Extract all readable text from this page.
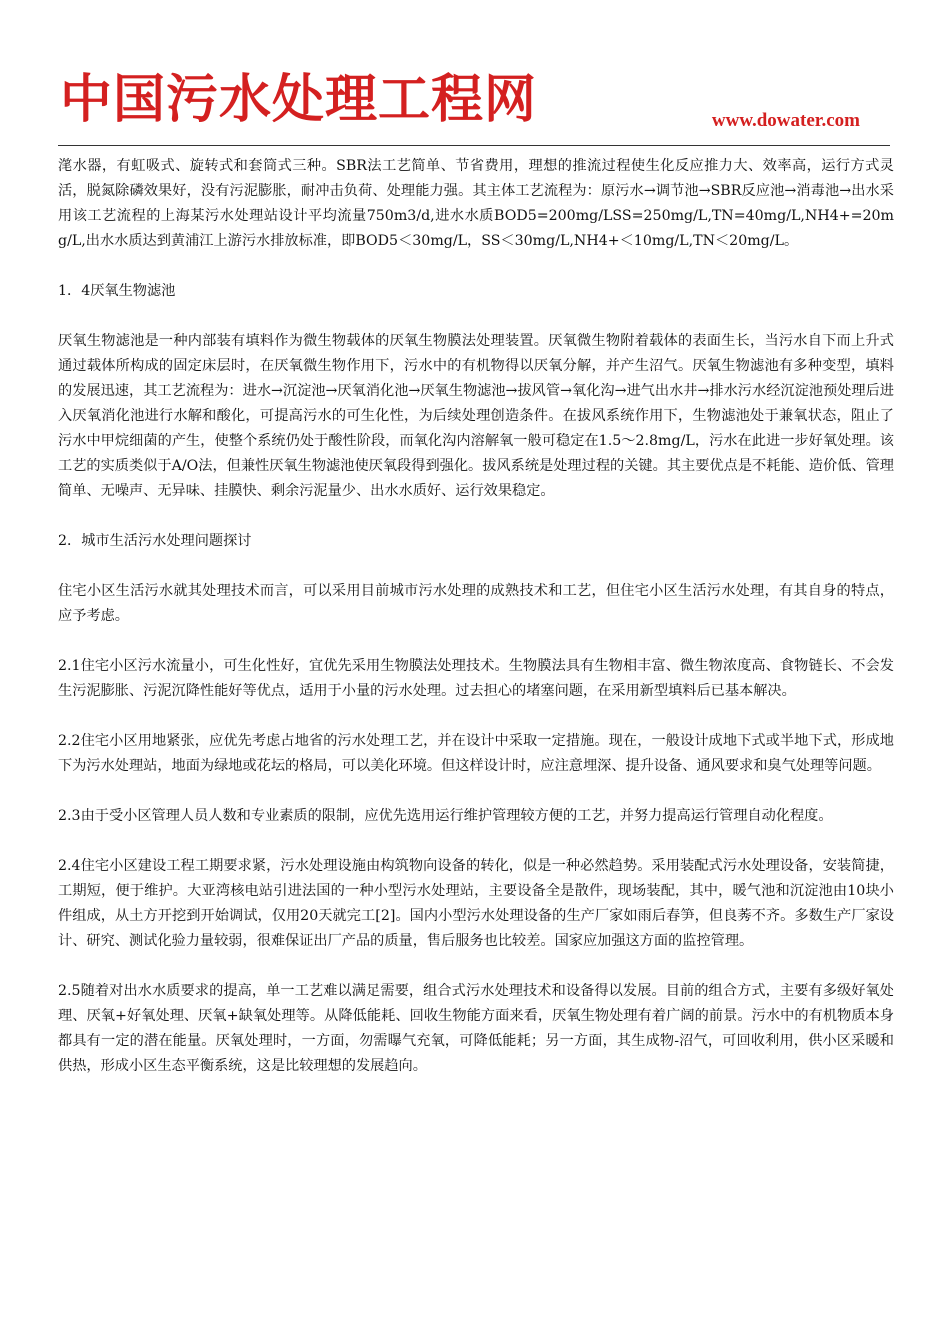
中国污水处理工程网	www.dowater.com

滗水器，有虹吸式、旋转式和套筒式三种。SBR法工艺简单、节省费用，理想的推流过程使生化反应推力大、效率高，运行方式灵活，脱氮除磷效果好，没有污泥膨胀，耐冲击负荷、处理能力强。其主体工艺流程为：原污水→调节池→SBR反应池→消毒池→出水采用该工艺流程的上海某污水处理站设计平均流量750m3/d,进水水质BOD5=200mg/LSS=250mg/L,TN=40mg/L,NH4+=20mg/L,出水水质达到黄浦江上游污水排放标准，即BOD5＜30mg/L，SS＜30mg/L,NH4+＜10mg/L,TN＜20mg/L。

1．4厌氧生物滤池

厌氧生物滤池是一种内部装有填料作为微生物载体的厌氧生物膜法处理装置。厌氧微生物附着载体的表面生长，当污水自下而上升式通过载体所构成的固定床层时，在厌氧微生物作用下，污水中的有机物得以厌氧分解，并产生沼气。厌氧生物滤池有多种变型，填料的发展迅速，其工艺流程为：进水→沉淀池→厌氧消化池→厌氧生物滤池→拔风管→氧化沟→进气出水井→排水污水经沉淀池预处理后进入厌氧消化池进行水解和酸化，可提高污水的可生化性，为后续处理创造条件。在拔风系统作用下，生物滤池处于兼氧状态，阻止了污水中甲烷细菌的产生，使整个系统仍处于酸性阶段，而氧化沟内溶解氧一般可稳定在1.5～2.8mg/L，污水在此进一步好氧处理。该工艺的实质类似于A/O法，但兼性厌氧生物滤池使厌氧段得到强化。拔风系统是处理过程的关键。其主要优点是不耗能、造价低、管理简单、无噪声、无异味、挂膜快、剩余污泥量少、出水水质好、运行效果稳定。

2．城市生活污水处理问题探讨

住宅小区生活污水就其处理技术而言，可以采用目前城市污水处理的成熟技术和工艺，但住宅小区生活污水处理，有其自身的特点，应予考虑。

2.1住宅小区污水流量小，可生化性好，宜优先采用生物膜法处理技术。生物膜法具有生物相丰富、微生物浓度高、食物链长、不会发生污泥膨胀、污泥沉降性能好等优点，适用于小量的污水处理。过去担心的堵塞问题，在采用新型填料后已基本解决。

2.2住宅小区用地紧张，应优先考虑占地省的污水处理工艺，并在设计中采取一定措施。现在，一般设计成地下式或半地下式，形成地下为污水处理站，地面为绿地或花坛的格局，可以美化环境。但这样设计时，应注意埋深、提升设备、通风要求和臭气处理等问题。

2.3由于受小区管理人员人数和专业素质的限制，应优先选用运行维护管理较方便的工艺，并努力提高运行管理自动化程度。

2.4住宅小区建设工程工期要求紧，污水处理设施由构筑物向设备的转化，似是一种必然趋势。采用装配式污水处理设备，安装简捷，工期短，便于维护。大亚湾核电站引进法国的一种小型污水处理站，主要设备全是散件，现场装配，其中，暖气池和沉淀池由10块小件组成，从土方开挖到开始调试，仅用20天就完工[2]。国内小型污水处理设备的生产厂家如雨后春笋，但良莠不齐。多数生产厂家设计、研究、测试化验力量较弱，很难保证出厂产品的质量，售后服务也比较差。国家应加强这方面的监控管理。

2.5随着对出水水质要求的提高，单一工艺难以满足需要，组合式污水处理技术和设备得以发展。目前的组合方式，主要有多级好氧处理、厌氧+好氧处理、厌氧+缺氧处理等。从降低能耗、回收生物能方面来看，厌氧生物处理有着广阔的前景。污水中的有机物质本身都具有一定的潜在能量。厌氧处理时，一方面，勿需曝气充氧，可降低能耗；另一方面，其生成物-沼气，可回收利用，供小区采暖和供热，形成小区生态平衡系统，这是比较理想的发展趋向。
